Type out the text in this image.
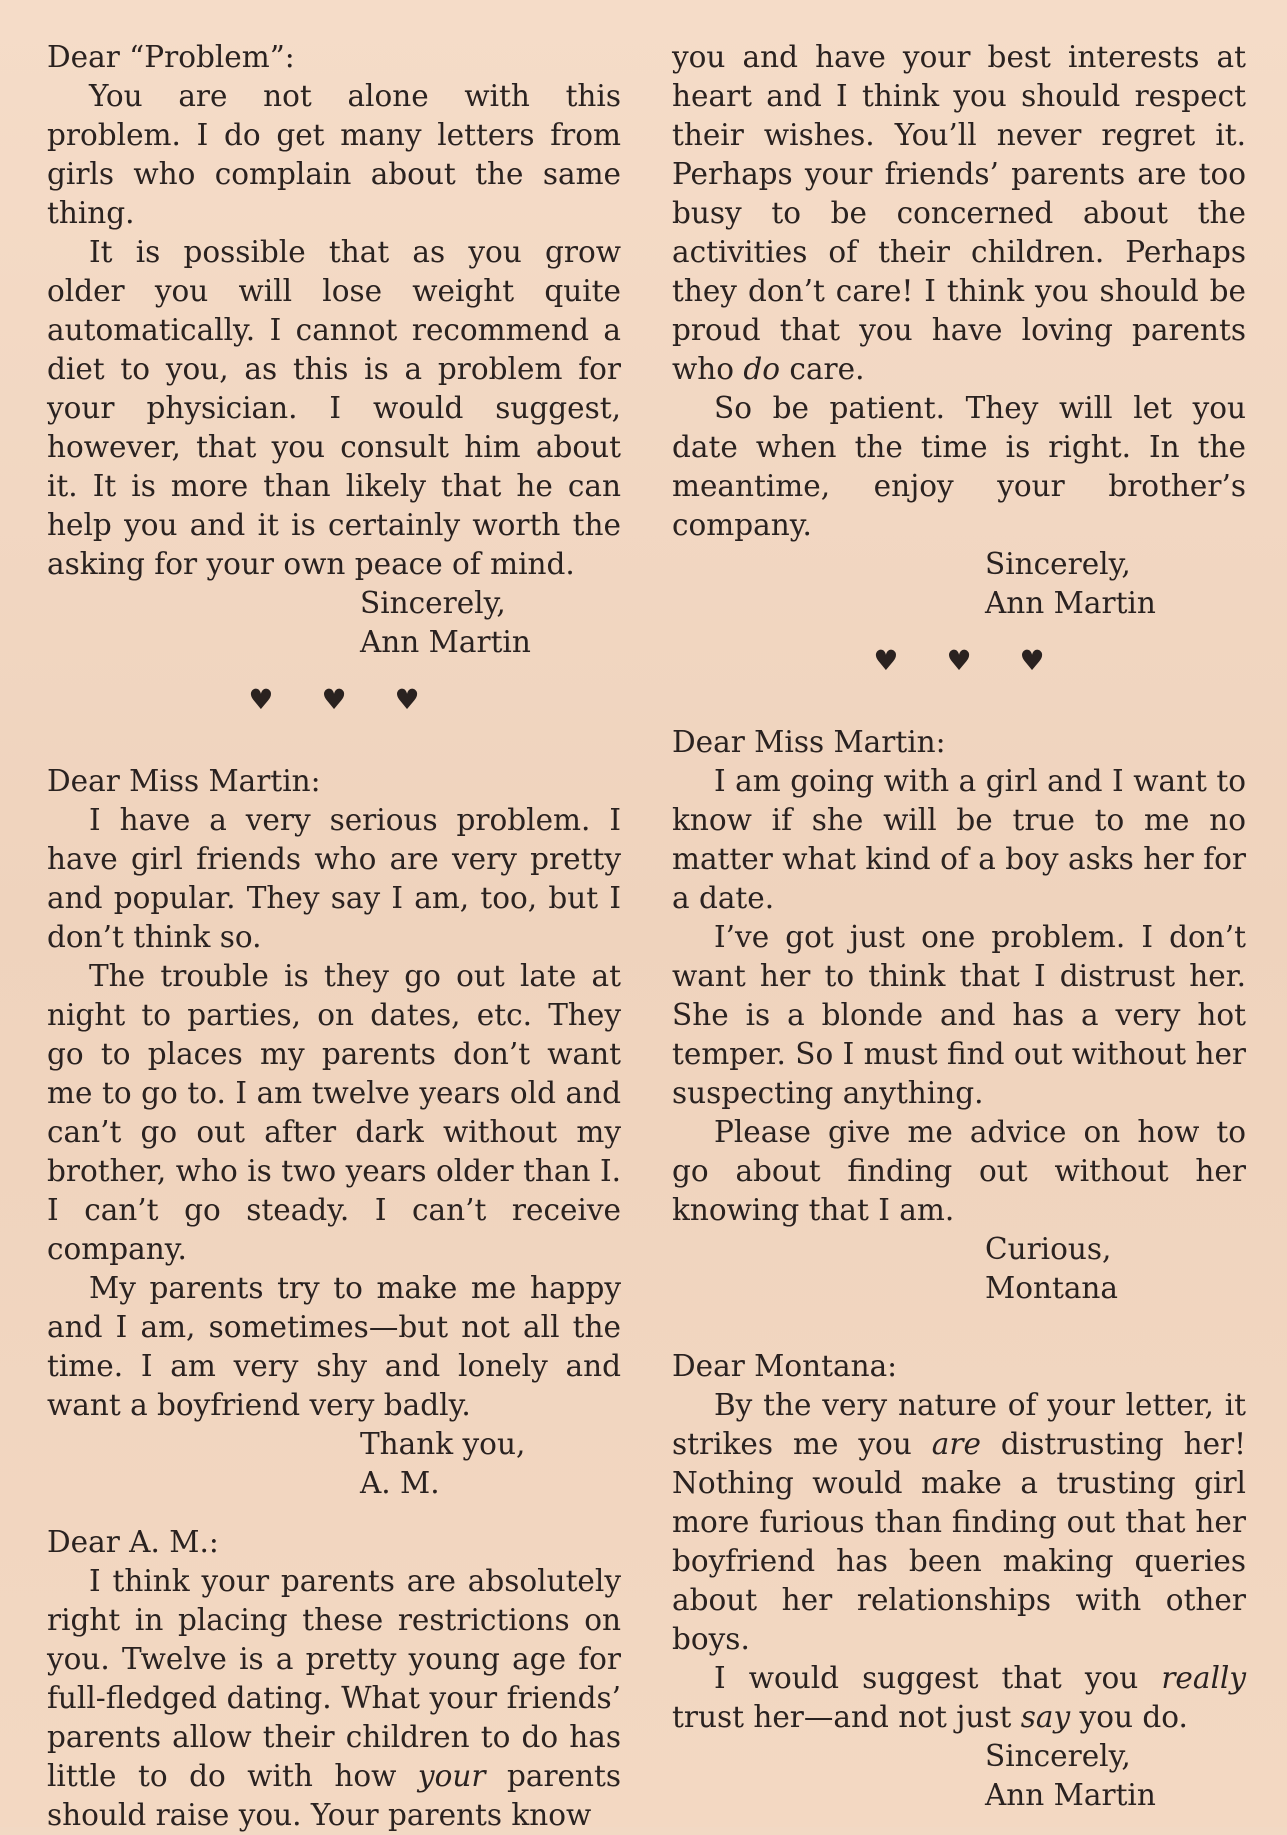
Dear “Problem”:

You are not alone with this problem. I do get many letters from girls who complain about the same thing.

It is possible that as you grow older you will lose weight quite automatically. I cannot recommend a diet to you, as this is a problem for your physician. I would suggest, however, that you consult him about it. It is more than likely that he can help you and it is certainly worth the asking for your own peace of mind.

Sincerely,

Ann Martin

♥♥♥

Dear Miss Martin:

I have a very serious problem. I have girl friends who are very pretty and popular. They say I am, too, but I don’t think so.

The trouble is they go out late at night to parties, on dates, etc. They go to places my parents don’t want me to go to. I am twelve years old and can’t go out after dark without my brother, who is two years older than I. I can’t go steady. I can’t receive company.

My parents try to make me happy and I am, sometimes—but not all the time. I am very shy and lonely and want a boyfriend very badly.

Thank you,

A. M.

Dear A. M.:

I think your parents are absolutely right in placing these restrictions on you. Twelve is a pretty young age for full-fledged dating. What your friends’ parents allow their children to do has little to do with how your parents should raise you. Your parents know

you and have your best interests at heart and I think you should respect their wishes. You’ll never regret it. Perhaps your friends’ parents are too busy to be concerned about the activities of their children. Perhaps they don’t care! I think you should be proud that you have loving parents who do care.

So be patient. They will let you date when the time is right. In the meantime, enjoy your brother’s company.

Sincerely,

Ann Martin

♥♥♥

Dear Miss Martin:

I am going with a girl and I want to know if she will be true to me no matter what kind of a boy asks her for a date.

I’ve got just one problem. I don’t want her to think that I distrust her. She is a blonde and has a very hot temper. So I must find out without her suspecting anything.

Please give me advice on how to go about finding out without her knowing that I am.

Curious,

Montana

Dear Montana:

By the very nature of your letter, it strikes me you are distrusting her! Nothing would make a trusting girl more furious than finding out that her boyfriend has been making queries about her relationships with other boys.

I would suggest that you really trust her—and not just say you do.

Sincerely,

Ann Martin
